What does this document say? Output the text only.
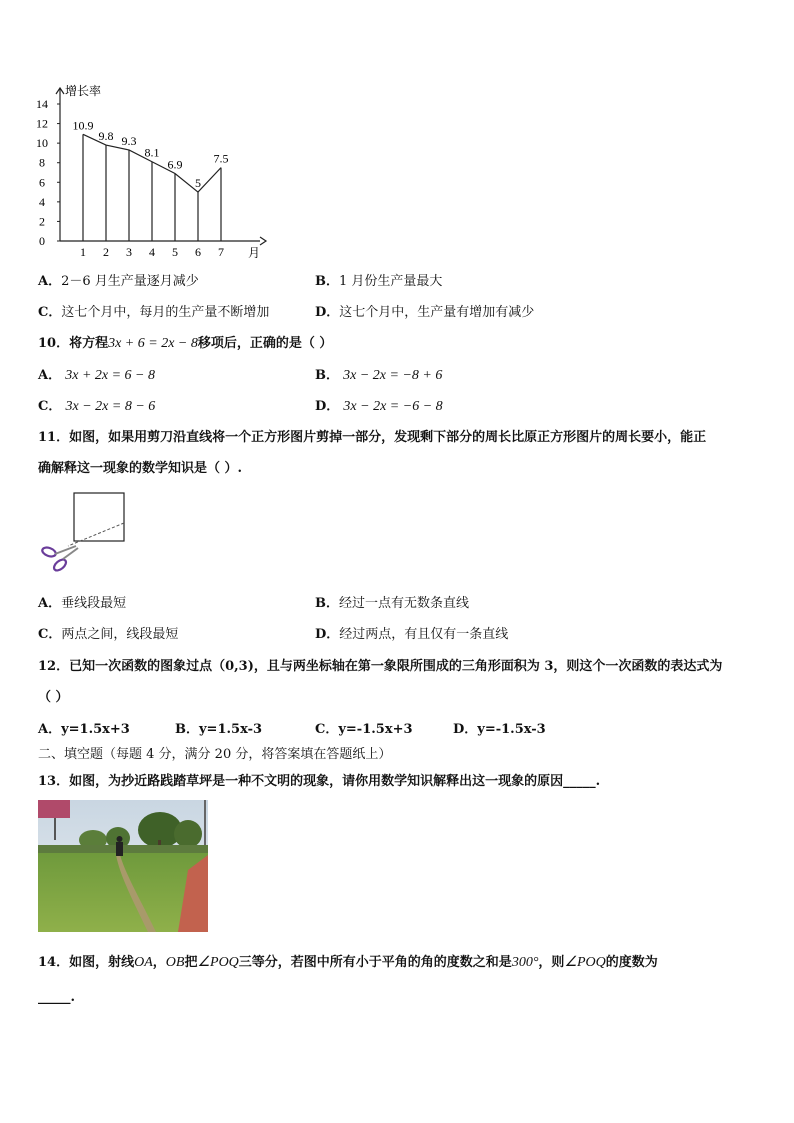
0
2
4
6
8
10
12
14
1 2 3 4 5 6 7
增长率
月
10.9
9.8 9.3
8.1
6.9
5
7.5
A．2－6 月生产量逐月减少	B．1 月份生产量最大
C．这七个月中，每月的生产量不断增加	D．这七个月中，生产量有增加有减少
10．将方程3x + 6 = 2x − 8移项后，正确的是（ ）
A． 3x + 2x = 6 − 8	B． 3x − 2x = −8 + 6
C． 3x − 2x = 8 − 6	D． 3x − 2x = −6 − 8
11．如图，如果用剪刀沿直线将一个正方形图片剪掉一部分，发现剩下部分的周长比原正方形图片的周长要小，能正
确解释这一现象的数学知识是（ ）.
A．垂线段最短	B．经过一点有无数条直线
C．两点之间，线段最短	D．经过两点，有且仅有一条直线
12．已知一次函数的图象过点（0,3)，且与两坐标轴在第一象限所围成的三角形面积为 3，则这个一次函数的表达式为
（ ）
A．y=1.5x+3	B．y=1.5x-3	C．y=-1.5x+3	D．y=-1.5x-3
二、填空题（每题 4 分，满分 20 分，将答案填在答题纸上）
13．如图，为抄近路践踏草坪是一种不文明的现象，请你用数学知识解释出这一现象的原因_____.
14．如图，射线OA，OB把∠POQ三等分，若图中所有小于平角的角的度数之和是300°，则∠POQ的度数为
_____.
